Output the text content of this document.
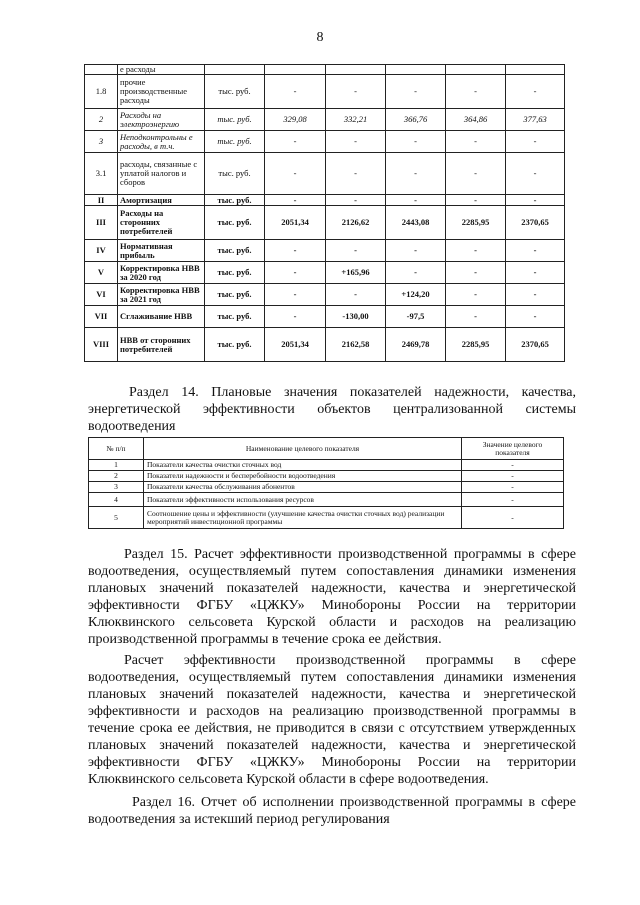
8
	е расходы						
1.8	прочие производственные расходы	тыс. руб.	-	-	-	-	-
2	Расходы на электроэнергию	тыс. руб.	329,08	332,21	366,76	364,86	377,63
3	Неподконтрольны е расходы, в т.ч.	тыс. руб.	-	-	-	-	-
3.1	расходы, связанные с уплатой налогов и сборов	тыс. руб.	-	-	-	-	-
II	Амортизация	тыс. руб.	-	-	-	-	-
III	Расходы на сторонних потребителей	тыс. руб.	2051,34	2126,62	2443,08	2285,95	2370,65
IV	Нормативная прибыль	тыс. руб.	-	-	-	-	-
V	Корректировка НВВ за 2020 год	тыс. руб.	-	+165,96	-	-	-
VI	Корректировка НВВ за 2021 год	тыс. руб.	-	-	+124,20	-	-
VII	Сглаживание НВВ	тыс. руб.	-	-130,00	-97,5	-	-
VIII	НВВ от сторонних потребителей	тыс. руб.	2051,34	2162,58	2469,78	2285,95	2370,65
Раздел 14. Плановые значения показателей надежности, качества,
энергетической эффективности объектов централизованной системы
водоотведения
№ п/п	Наименование целевого показателя	Значение целевого показателя
1	Показатели качества очистки сточных вод	-
2	Показатели надежности и бесперебойности водоотведения	-
3	Показатели качества обслуживания абонентов	-
4	Показатели эффективности использования ресурсов	-
5	Соотношение цены и эффективности (улучшение качества очистки сточных вод) реализации мероприятий инвестиционной программы	-
Раздел 15. Расчет эффективности производственной программы в сфере
водоотведения, осуществляемый путем сопоставления динамики изменения
плановых значений показателей надежности, качества и энергетической
эффективности ФГБУ «ЦЖКУ» Минобороны России на территории
Клюквинского сельсовета Курской области и расходов на реализацию
производственной программы в течение срока ее действия.
Расчет эффективности производственной программы в сфере
водоотведения, осуществляемый путем сопоставления динамики изменения
плановых значений показателей надежности, качества и энергетической
эффективности и расходов на реализацию производственной программы в
течение срока ее действия, не приводится в связи с отсутствием утвержденных
плановых значений показателей надежности, качества и энергетической
эффективности ФГБУ «ЦЖКУ» Минобороны России на территории
Клюквинского сельсовета Курской области в сфере водоотведения.
Раздел 16. Отчет об исполнении производственной программы в сфере
водоотведения за истекший период регулирования
